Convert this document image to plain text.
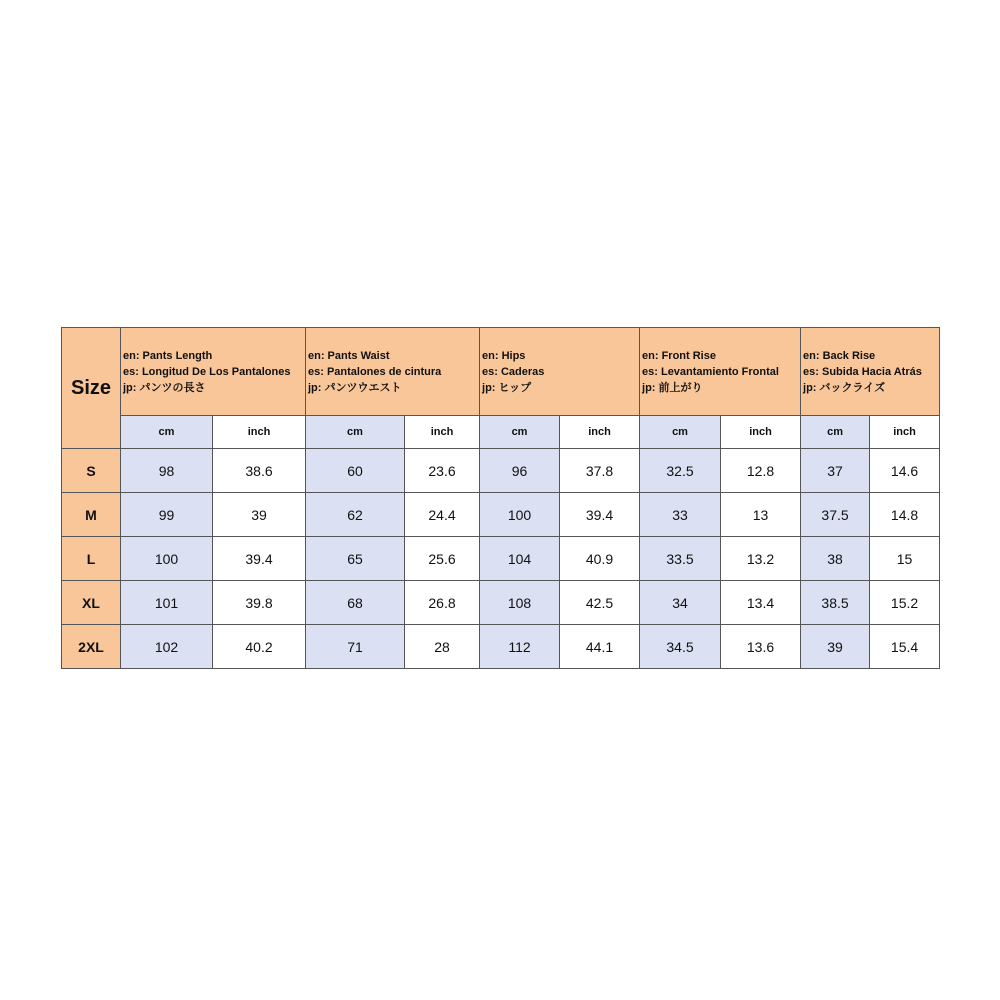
Size	en: Pants Length
es: Longitud De Los Pantalones
jp: パンツの長さ		en: Pants Waist
es: Pantalones de cintura
jp: パンツウエスト		en: Hips
es: Caderas
jp: ヒップ		en: Front Rise
es: Levantamiento Frontal
jp: 前上がり		en: Back Rise
es: Subida Hacia Atrás
jp: バックライズ	

	cm	inch	cm	inch	cm	inch	cm	inch	cm	inch
S	98	38.6	60	23.6	96	37.8	32.5	12.8	37	14.6
M	99	39	62	24.4	100	39.4	33	13	37.5	14.8
L	100	39.4	65	25.6	104	40.9	33.5	13.2	38	15
XL	101	39.8	68	26.8	108	42.5	34	13.4	38.5	15.2
2XL	102	40.2	71	28	112	44.1	34.5	13.6	39	15.4
